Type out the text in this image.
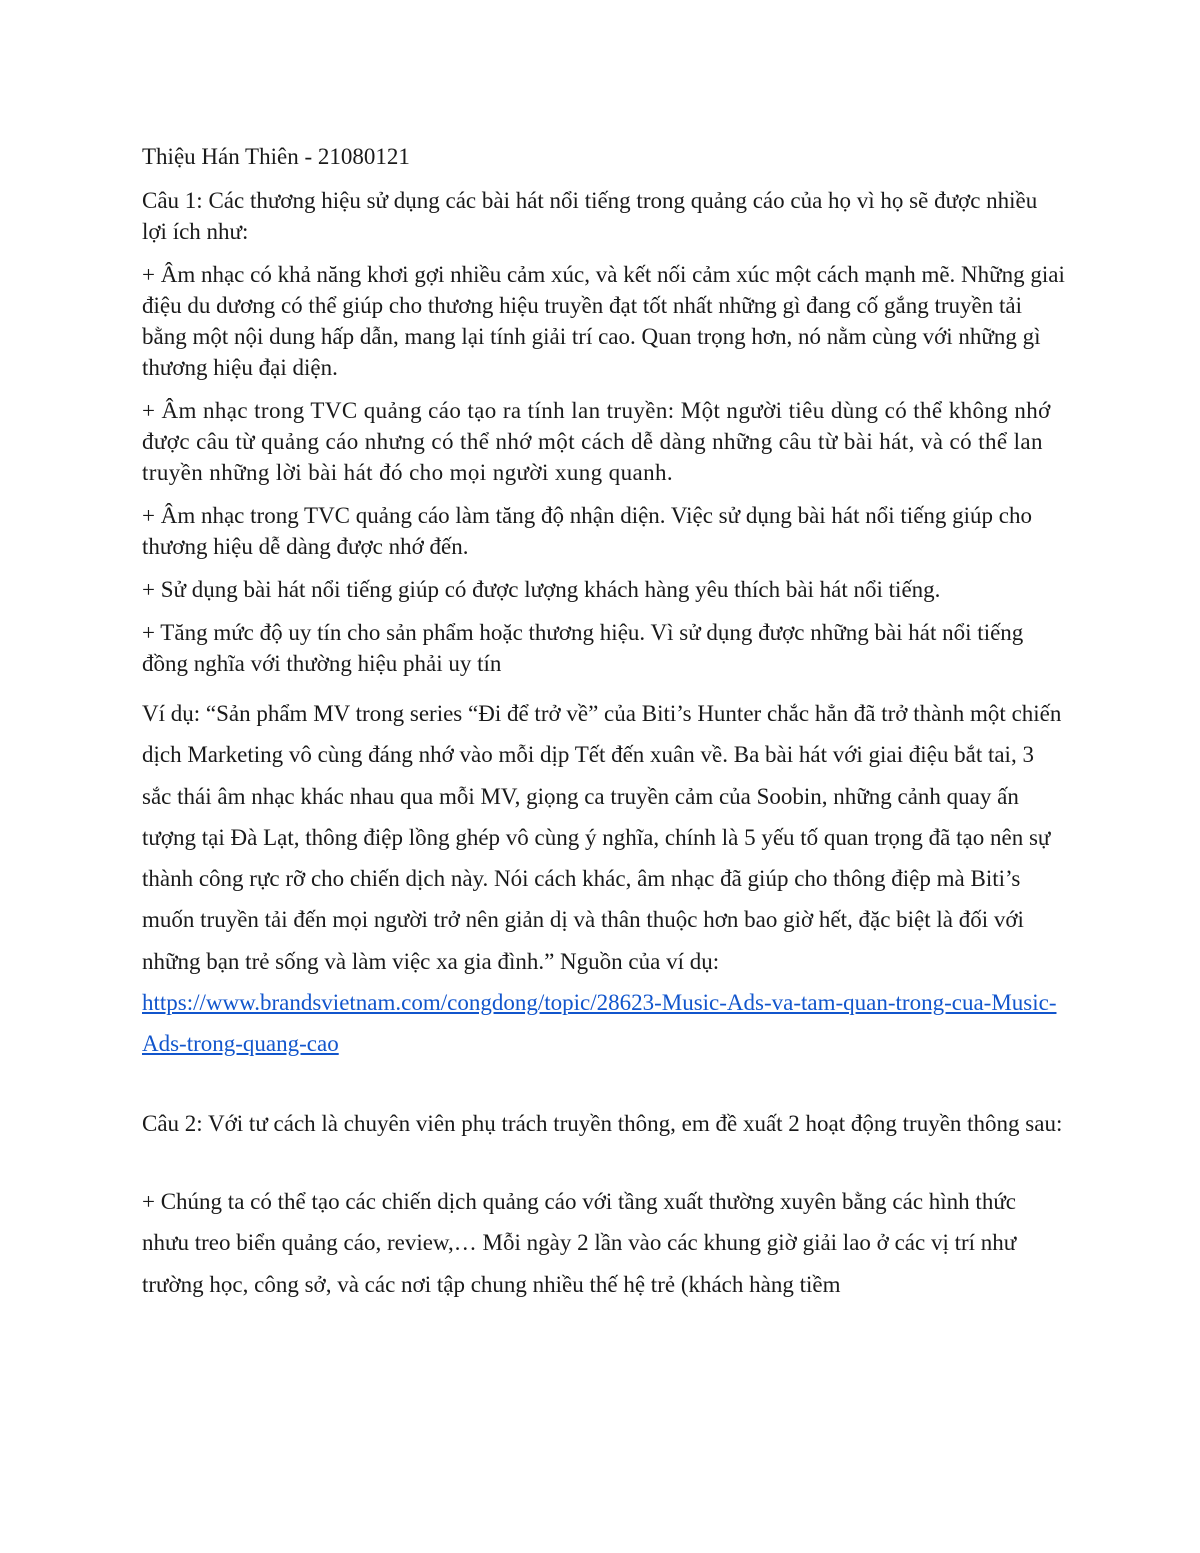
Thiệu Hán Thiên - 21080121

Câu 1: Các thương hiệu sử dụng các bài hát nổi tiếng trong quảng cáo của họ vì họ sẽ được nhiều lợi ích như:

+ Âm nhạc có khả năng khơi gợi nhiều cảm xúc, và kết nối cảm xúc một cách mạnh mẽ. Những giai điệu du dương có thể giúp cho thương hiệu truyền đạt tốt nhất những gì đang cố gắng truyền tải bằng một nội dung hấp dẫn, mang lại tính giải trí cao. Quan trọng hơn, nó nằm cùng với những gì thương hiệu đại diện.

+ Âm nhạc trong TVC quảng cáo tạo ra tính lan truyền: Một người tiêu dùng có thể không nhớ được câu từ quảng cáo nhưng có thể nhớ một cách dễ dàng những câu từ bài hát, và có thể lan truyền những lời bài hát đó cho mọi người xung quanh.

+ Âm nhạc trong TVC quảng cáo làm tăng độ nhận diện. Việc sử dụng bài hát nổi tiếng giúp cho thương hiệu dễ dàng được nhớ đến.

+ Sử dụng bài hát nổi tiếng giúp có được lượng khách hàng yêu thích bài hát nổi tiếng.

+ Tăng mức độ uy tín cho sản phẩm hoặc thương hiệu. Vì sử dụng được những bài hát nổi tiếng đồng nghĩa với thường hiệu phải uy tín

Ví dụ: “Sản phẩm MV trong series “Đi để trở về” của Biti’s Hunter chắc hẳn đã trở thành một chiến dịch Marketing vô cùng đáng nhớ vào mỗi dịp Tết đến xuân về. Ba bài hát với giai điệu bắt tai, 3 sắc thái âm nhạc khác nhau qua mỗi MV, giọng ca truyền cảm của Soobin, những cảnh quay ấn tượng tại Đà Lạt, thông điệp lồng ghép vô cùng ý nghĩa, chính là 5 yếu tố quan trọng đã tạo nên sự thành công rực rỡ cho chiến dịch này. Nói cách khác, âm nhạc đã giúp cho thông điệp mà Biti’s muốn truyền tải đến mọi người trở nên giản dị và thân thuộc hơn bao giờ hết, đặc biệt là đối với những bạn trẻ sống và làm việc xa gia đình.” Nguồn của ví dụ: https://www.brandsvietnam.com/congdong/topic/28623-Music-Ads-va-tam-quan-trong-cua-Music-Ads-trong-quang-cao

Câu 2: Với tư cách là chuyên viên phụ trách truyền thông, em đề xuất 2 hoạt động truyền thông sau:

+ Chúng ta có thể tạo các chiến dịch quảng cáo với tầng xuất thường xuyên bằng các hình thức nhưu treo biển quảng cáo, review,… Mỗi ngày 2 lần vào các khung giờ giải lao ở các vị trí như trường học, công sở, và các nơi tập chung nhiều thế hệ trẻ (khách hàng tiềm
